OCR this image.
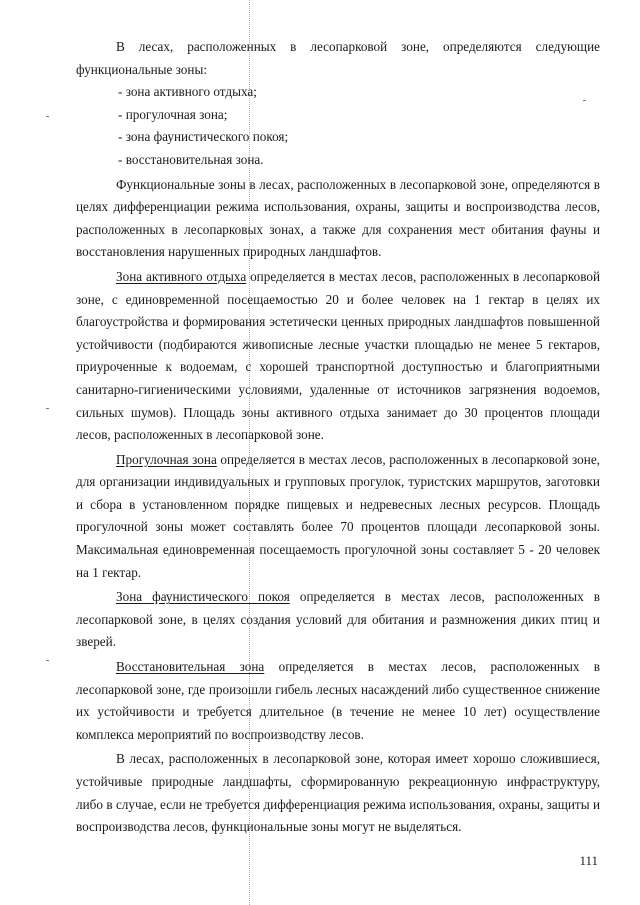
В лесах, расположенных в лесопарковой зоне, определяются следующие функциональные зоны:

- зона активного отдыха;

- прогулочная зона;

- зона фаунистического покоя;

- восстановительная зона.

Функциональные зоны в лесах, расположенных в лесопарковой зоне, определяются в целях дифференциации режима использования, охраны, защиты и воспроизводства лесов, расположенных в лесопарковых зонах, а также для сохранения мест обитания фауны и восстановления нарушенных природных ландшафтов.

Зона активного отдыха определяется в местах лесов, расположенных в лесопарковой зоне, с единовременной посещаемостью 20 и более человек на 1 гектар в целях их благоустройства и формирования эстетически ценных природных ландшафтов повышенной устойчивости (подбираются живописные лесные участки площадью не менее 5 гектаров, приуроченные к водоемам, с хорошей транспортной доступностью и благоприятными санитарно-гигиеническими условиями, удаленные от источников загрязнения водоемов, сильных шумов). Площадь зоны активного отдыха занимает до 30 процентов площади лесов, расположенных в лесопарковой зоне.

Прогулочная зона определяется в местах лесов, расположенных в лесопарковой зоне, для организации индивидуальных и групповых прогулок, туристских маршрутов, заготовки и сбора в установленном порядке пищевых и недревесных лесных ресурсов. Площадь прогулочной зоны может составлять более 70 процентов площади лесопарковой зоны. Максимальная единовременная посещаемость прогулочной зоны составляет 5 - 20 человек на 1 гектар.

Зона фаунистического покоя определяется в местах лесов, расположенных в лесопарковой зоне, в целях создания условий для обитания и размножения диких птиц и зверей.

Восстановительная зона определяется в местах лесов, расположенных в лесопарковой зоне, где произошли гибель лесных насаждений либо существенное снижение их устойчивости и требуется длительное (в течение не менее 10 лет) осуществление комплекса мероприятий по воспроизводству лесов.

В лесах, расположенных в лесопарковой зоне, которая имеет хорошо сложившиеся, устойчивые природные ландшафты, сформированную рекреационную инфраструктуру, либо в случае, если не требуется дифференциация режима использования, охраны, защиты и воспроизводства лесов, функциональные зоны могут не выделяться.

111
